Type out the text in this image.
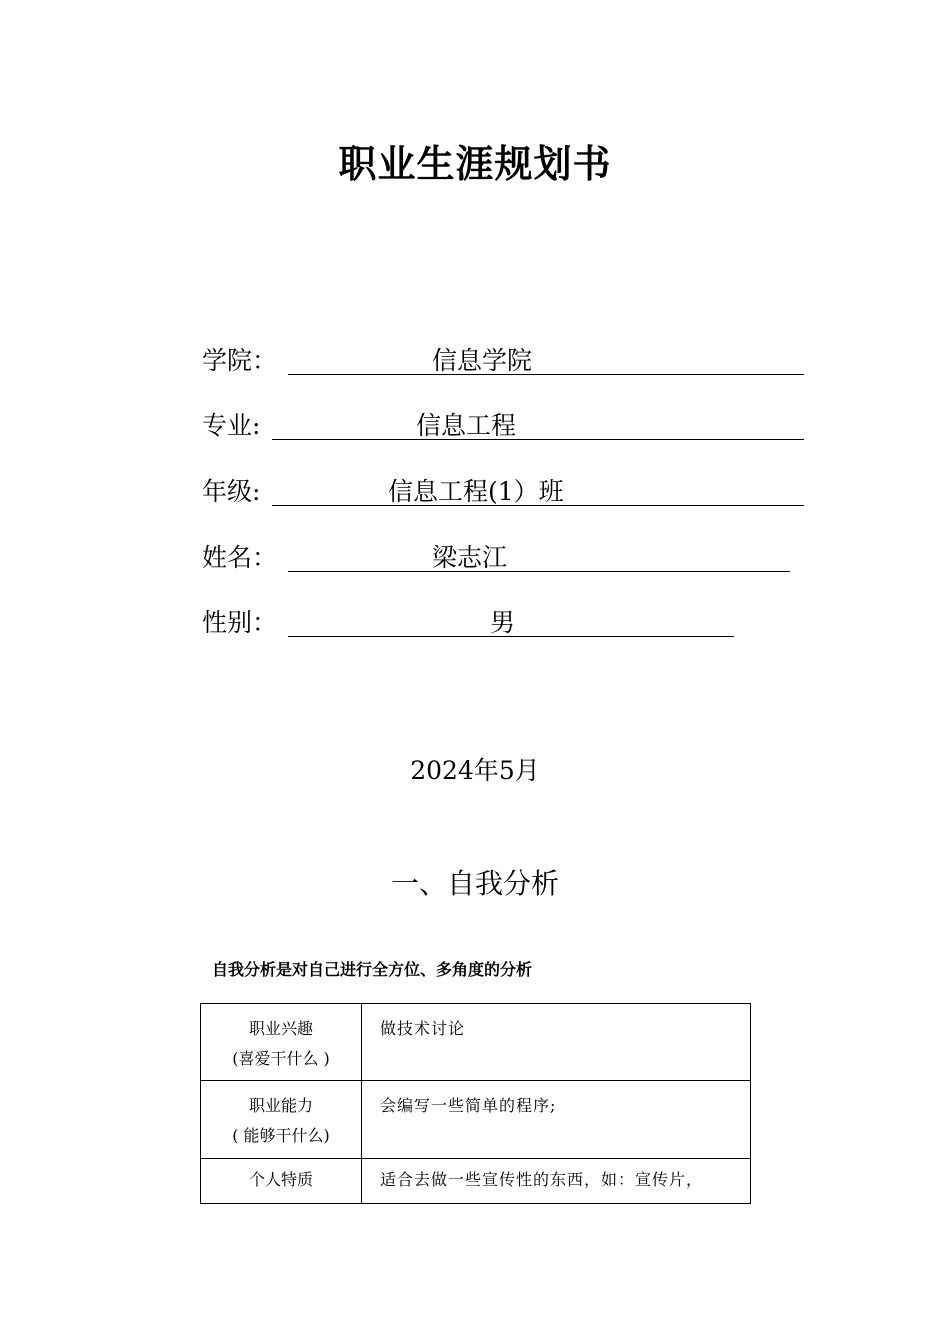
职业生涯规划书
学院：	信息学院
专业:	信息工程
年级:	信息工程(1）班
姓名：	梁志江
性别：	男
2024年5月
一、自我分析
自我分析是对自己进行全方位、多角度的分析
职业兴趣
(喜爱干什么 )	做技术讨论

职业能力
( 能够干什么)	会编写一些简单的程序;

个人特质	适合去做一些宣传性的东西，如：宣传片，
